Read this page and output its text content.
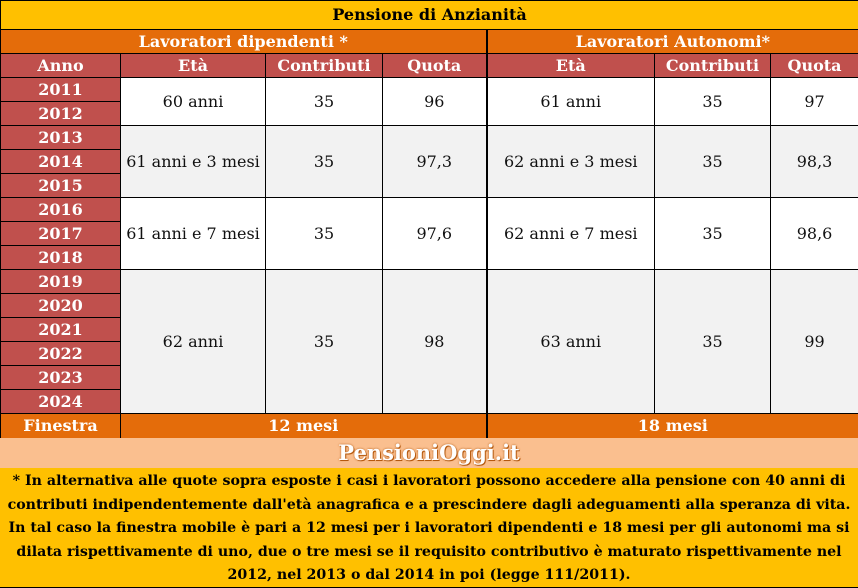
Pensione di Anzianità						
Lavoratori dipendenti *				Lavoratori Autonomi*		
Anno	Età	Contributi	Quota	Età	Contributi	Quota
2011	60 anni	35	96	61 anni	35	97
2012						
2013	61 anni e 3 mesi	35	97,3	62 anni e 3 mesi	35	98,3
2014						
2015						
2016	61 anni e 7 mesi	35	97,6	62 anni e 7 mesi	35	98,6
2017						
2018						
2019	62 anni	35	98	63 anni	35	99
2020						
2021						
2022						
2023						
2024						
Finestra	12 mesi			18 mesi		
PensioniOggi.it
* In alternativa alle quote sopra esposte i casi i lavoratori possono accedere alla pensione con 40 anni di contributi indipendentemente dall'età anagrafica e a prescindere dagli adeguamenti alla speranza di vita. In tal caso la finestra mobile è pari a 12 mesi per i lavoratori dipendenti e 18 mesi per gli autonomi ma si dilata rispettivamente di uno, due o tre mesi se il requisito contributivo è maturato rispettivamente nel 2012, nel 2013 o dal 2014 in poi (legge 111/2011).
